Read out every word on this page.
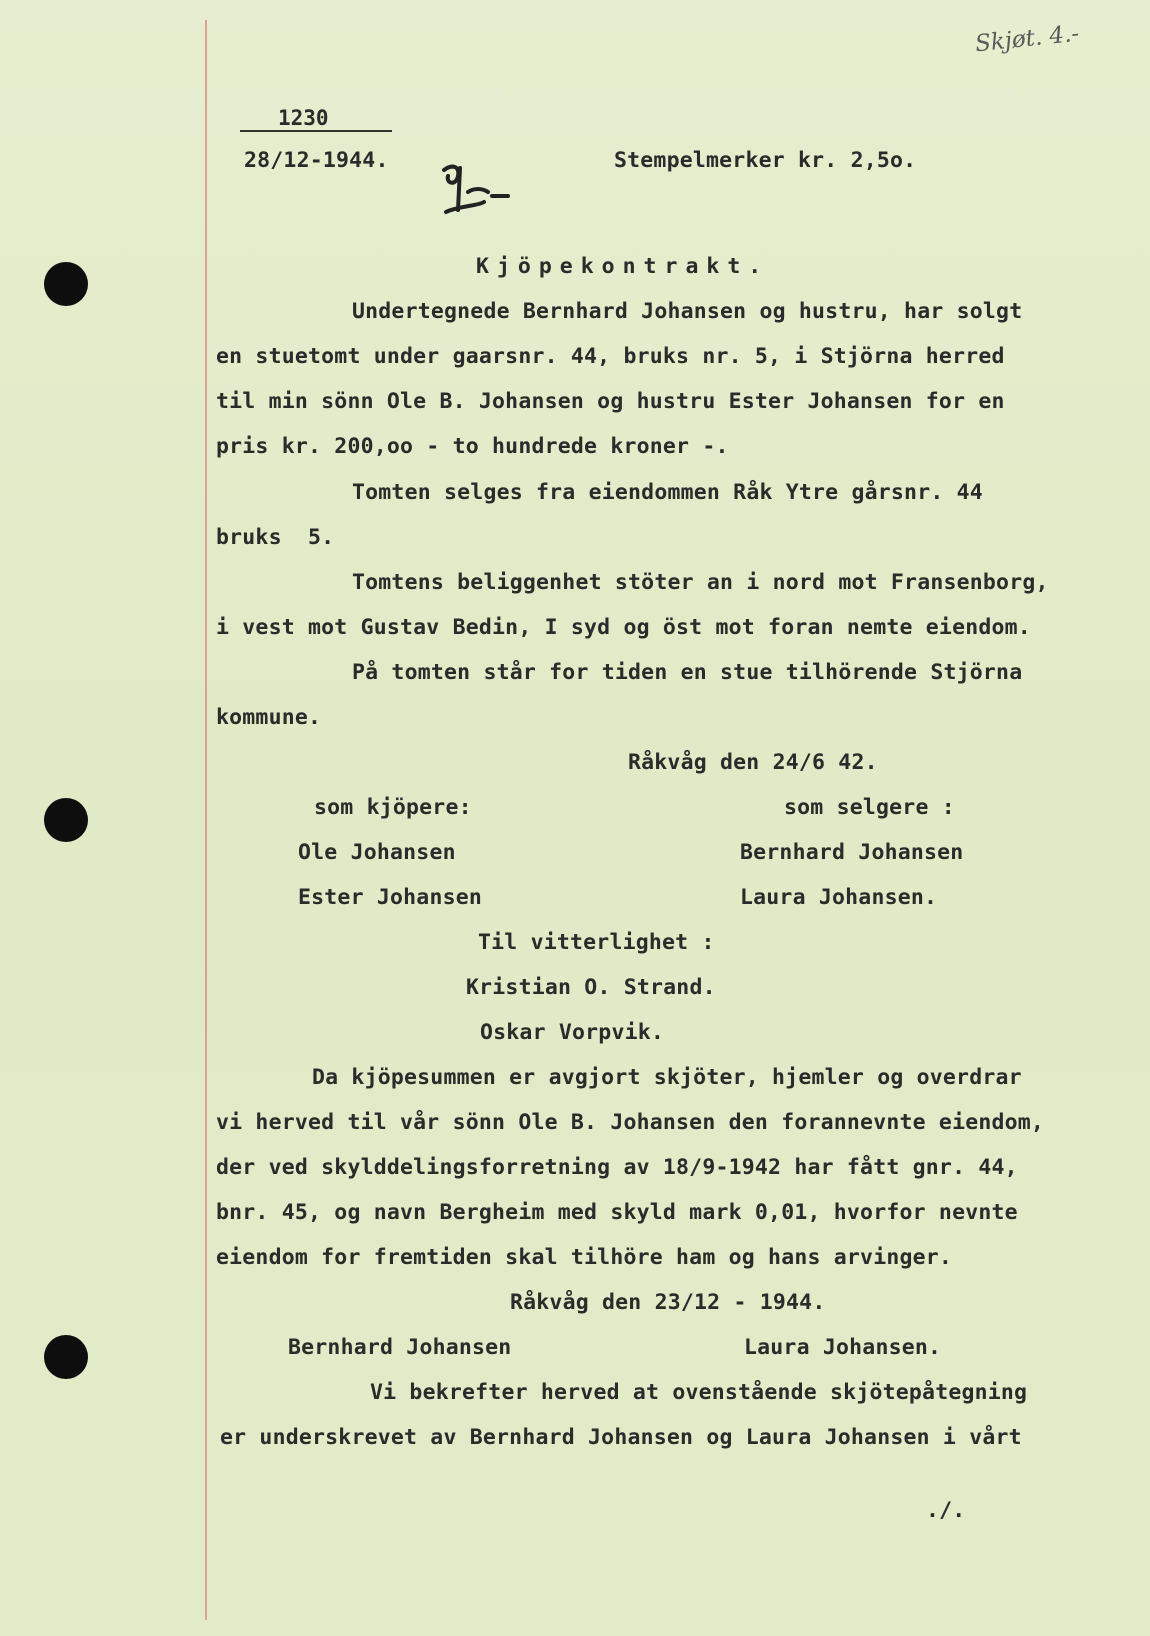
Skjøt. 4.-
1230
28/12-1944.	Stempelmerker kr. 2,5o.
Kjöpekontrakt.
Undertegnede Bernhard Johansen og hustru, har solgt
en stuetomt under gaarsnr. 44, bruks nr. 5, i Stjörna herred
til min sönn Ole B. Johansen og hustru Ester Johansen for en
pris kr. 200,oo - to hundrede kroner -.
Tomten selges fra eiendommen Råk Ytre gårsnr. 44
bruks  5.
Tomtens beliggenhet stöter an i nord mot Fransenborg,
i vest mot Gustav Bedin, I syd og öst mot foran nemte eiendom.
På tomten står for tiden en stue tilhörende Stjörna
kommune.
Råkvåg den 24/6 42.
som kjöpere:	som selgere :
Ole Johansen	Bernhard Johansen
Ester Johansen	Laura Johansen.
Til vitterlighet :
Kristian O. Strand.
Oskar Vorpvik.
Da kjöpesummen er avgjort skjöter, hjemler og overdrar
vi herved til vår sönn Ole B. Johansen den forannevnte eiendom,
der ved skylddelingsforretning av 18/9-1942 har fått gnr. 44,
bnr. 45, og navn Bergheim med skyld mark 0,01, hvorfor nevnte
eiendom for fremtiden skal tilhöre ham og hans arvinger.
Råkvåg den 23/12 - 1944.
Bernhard Johansen	Laura Johansen.
Vi bekrefter herved at ovenstående skjötepåtegning
er underskrevet av Bernhard Johansen og Laura Johansen i vårt
./.
